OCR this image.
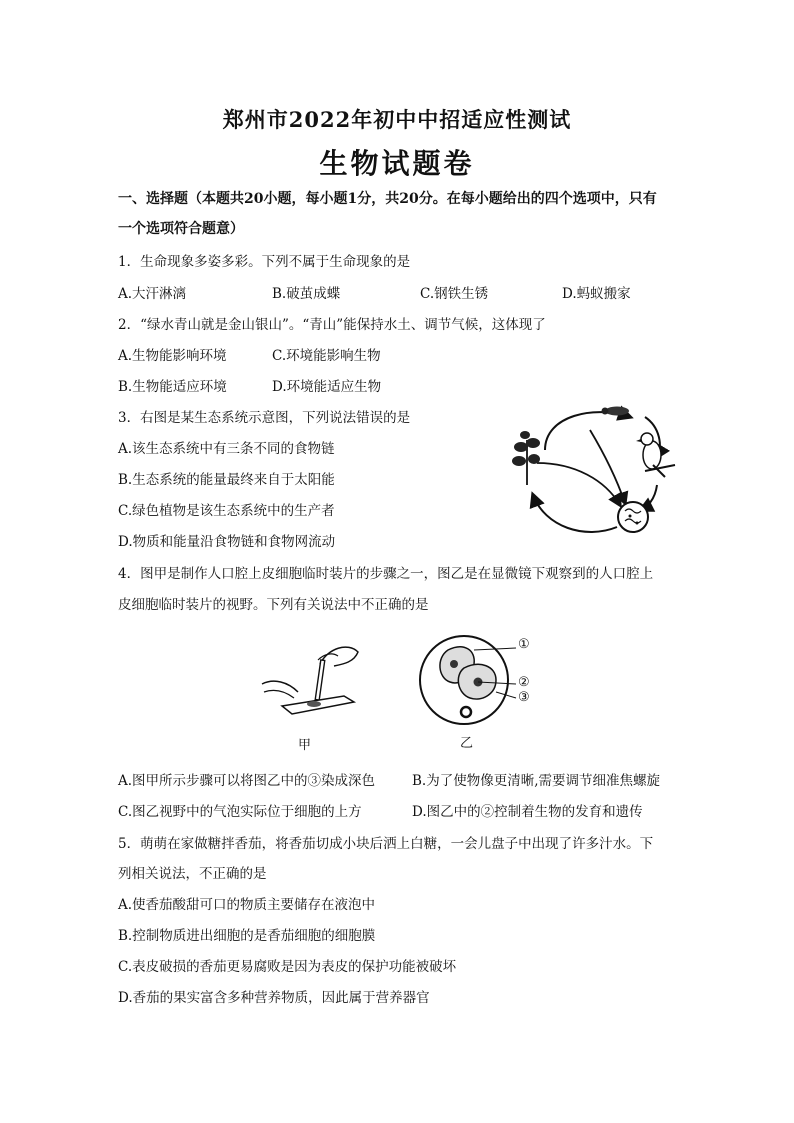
郑州市2022年初中中招适应性测试
生物试题卷
一、选择题（本题共20小题，每小题1分，共20分。在每小题给出的四个选项中，只有
一个选项符合题意）
1．生命现象多姿多彩。下列不属于生命现象的是
A.大汗淋漓	B.破茧成蝶	C.钢铁生锈	D.蚂蚁搬家
2．“绿水青山就是金山银山”。“青山”能保持水土、调节气候，这体现了
A.生物能影响环境	C.环境能影响生物
B.生物能适应环境	D.环境能适应生物
3．右图是某生态系统示意图，下列说法错误的是
A.该生态系统中有三条不同的食物链
B.生态系统的能量最终来自于太阳能
C.绿色植物是该生态系统中的生产者
D.物质和能量沿食物链和食物网流动
4．图甲是制作人口腔上皮细胞临时装片的步骤之一，图乙是在显微镜下观察到的人口腔上
皮细胞临时装片的视野。下列有关说法中不正确的是
甲
①
②
③
乙
A.图甲所示步骤可以将图乙中的③染成深色	B.为了使物像更清晰,需要调节细准焦螺旋
C.图乙视野中的气泡实际位于细胞的上方	D.图乙中的②控制着生物的发育和遗传
5．萌萌在家做糖拌香茄，将香茄切成小块后洒上白糖，一会儿盘子中出现了许多汁水。下
列相关说法，不正确的是
A.使香茄酸甜可口的物质主要储存在液泡中
B.控制物质进出细胞的是香茄细胞的细胞膜
C.表皮破损的香茄更易腐败是因为表皮的保护功能被破坏
D.香茄的果实富含多种营养物质，因此属于营养器官
